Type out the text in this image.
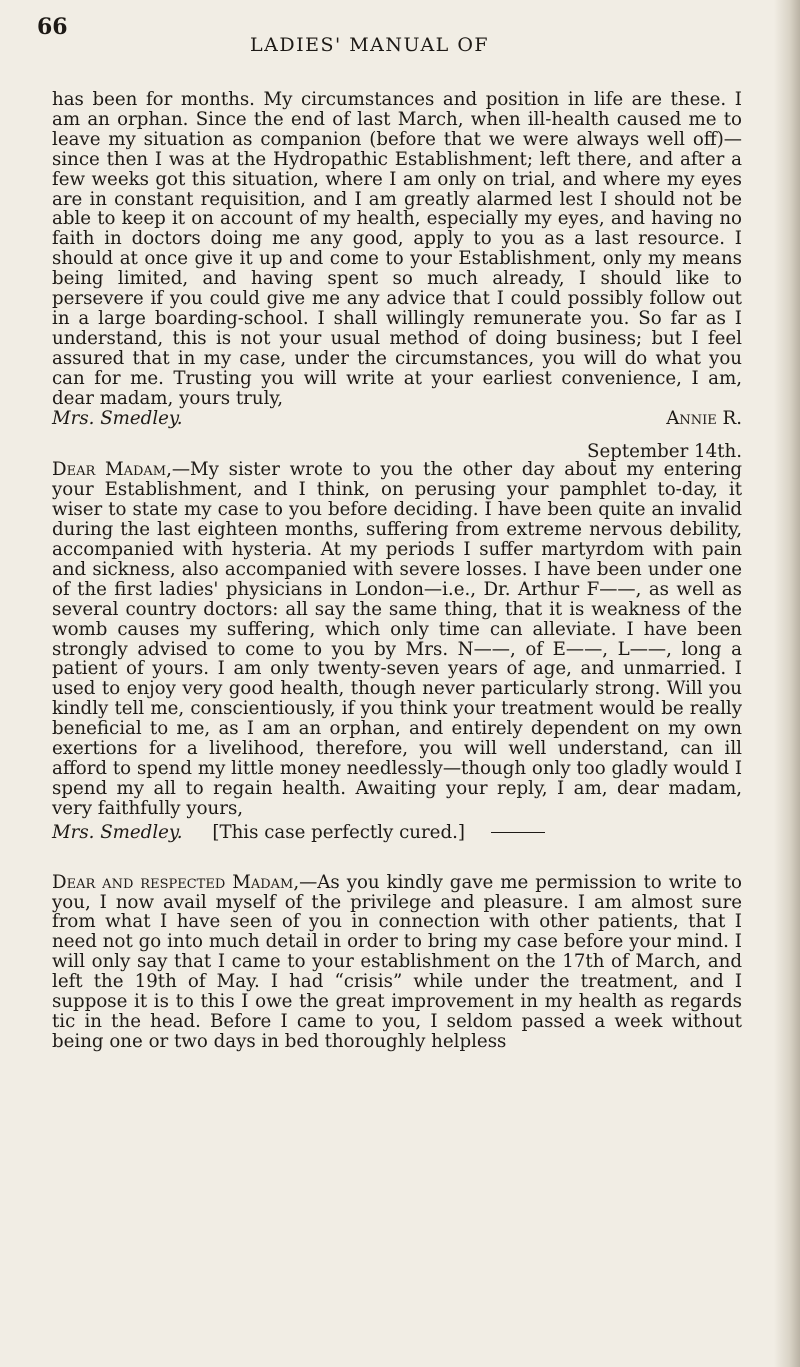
66
LADIES' MANUAL OF
has been for months. My circumstances and position in life are these. I am an orphan. Since the end of last March, when ill-health caused me to leave my situation as companion (before that we were always well off)—since then I was at the Hydropathic Establishment; left there, and after a few weeks got this situation, where I am only on trial, and where my eyes are in constant requisition, and I am greatly alarmed lest I should not be able to keep it on account of my health, especially my eyes, and having no faith in doctors doing me any good, apply to you as a last resource. I should at once give it up and come to your Establishment, only my means being limited, and having spent so much already, I should like to persevere if you could give me any advice that I could possibly follow out in a large boarding-school. I shall willingly remunerate you. So far as I understand, this is not your usual method of doing business; but I feel assured that in my case, under the circumstances, you will do what you can for me. Trusting you will write at your earliest convenience, I am, dear madam, yours truly,
Mrs. Smedley.	Annie R.
September 14th.
Dear Madam,—My sister wrote to you the other day about my entering your Establishment, and I think, on perusing your pamphlet to-day, it wiser to state my case to you before deciding. I have been quite an invalid during the last eighteen months, suffering from extreme nervous debility, accompanied with hysteria. At my periods I suffer martyrdom with pain and sickness, also accompanied with severe losses. I have been under one of the first ladies' physicians in London—i.e., Dr. Arthur F——, as well as several country doctors: all say the same thing, that it is weakness of the womb causes my suffering, which only time can alleviate. I have been strongly advised to come to you by Mrs. N——, of E——, L——, long a patient of yours. I am only twenty-seven years of age, and unmarried. I used to enjoy very good health, though never particularly strong. Will you kindly tell me, conscientiously, if you think your treatment would be really beneficial to me, as I am an orphan, and entirely dependent on my own exertions for a livelihood, therefore, you will well understand, can ill afford to spend my little money needlessly—though only too gladly would I spend my all to regain health. Awaiting your reply, I am, dear madam, very faithfully yours,
Mrs. Smedley. [This case perfectly cured.]
Dear and respected Madam,—As you kindly gave me permission to write to you, I now avail myself of the privilege and pleasure. I am almost sure from what I have seen of you in connection with other patients, that I need not go into much detail in order to bring my case before your mind. I will only say that I came to your establishment on the 17th of March, and left the 19th of May. I had “crisis” while under the treatment, and I suppose it is to this I owe the great improvement in my health as regards tic in the head. Before I came to you, I seldom passed a week without being one or two days in bed thoroughly helpless
